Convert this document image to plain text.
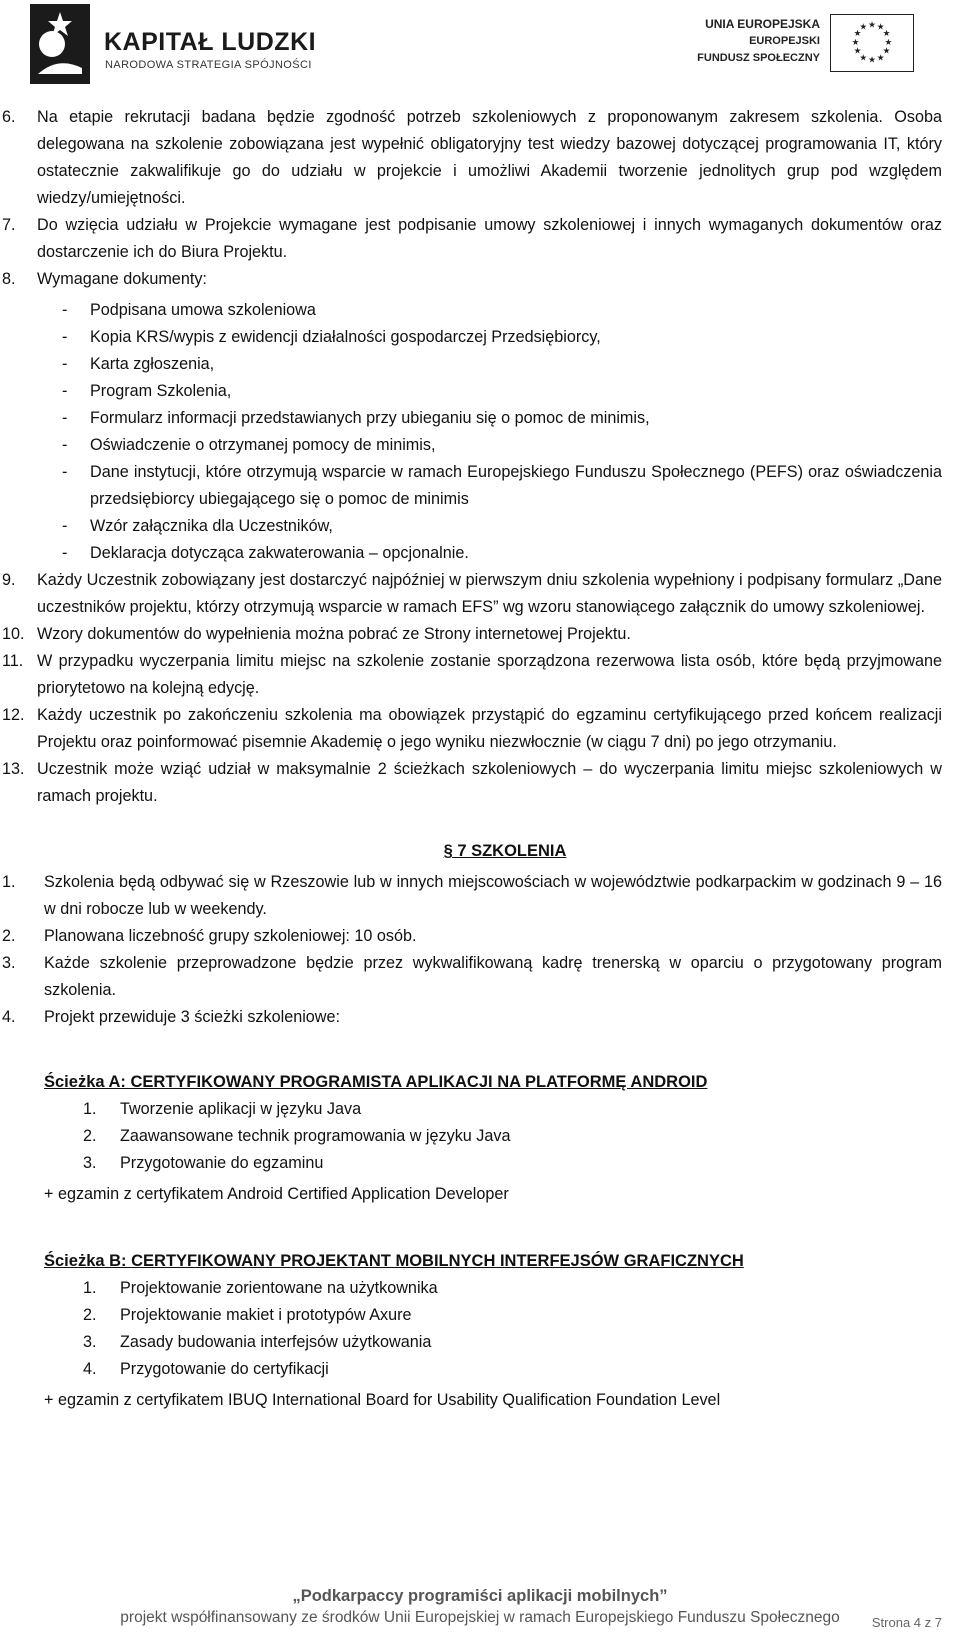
KAPITAŁ LUDZKI
NARODOWA STRATEGIA SPÓJNOŚCI
UNIA EUROPEJSKA
EUROPEJSKI
FUNDUSZ SPOŁECZNY
★ ★
★
★
★
★
★
★
★
★
★
★
6. Na etapie rekrutacji badana będzie zgodność potrzeb szkoleniowych z proponowanym zakresem szkolenia. Osoba delegowana na szkolenie zobowiązana jest wypełnić obligatoryjny test wiedzy bazowej dotyczącej programowania IT, który ostatecznie zakwalifikuje go do udziału w projekcie i umożliwi Akademii tworzenie jednolitych grup pod względem wiedzy/umiejętności.
7. Do wzięcia udziału w Projekcie wymagane jest podpisanie umowy szkoleniowej i innych wymaganych dokumentów oraz dostarczenie ich do Biura Projektu.
8. Wymagane dokumenty:
- Podpisana umowa szkoleniowa
- Kopia KRS/wypis z ewidencji działalności gospodarczej Przedsiębiorcy,
- Karta zgłoszenia,
- Program Szkolenia,
- Formularz informacji przedstawianych przy ubieganiu się o pomoc de minimis,
- Oświadczenie o otrzymanej pomocy de minimis,
- Dane instytucji, które otrzymują wsparcie w ramach Europejskiego Funduszu Społecznego (PEFS) oraz oświadczenia przedsiębiorcy ubiegającego się o pomoc de minimis
- Wzór załącznika dla Uczestników,
- Deklaracja dotycząca zakwaterowania – opcjonalnie.
9. Każdy Uczestnik zobowiązany jest dostarczyć najpóźniej w pierwszym dniu szkolenia wypełniony i podpisany formularz „Dane uczestników projektu, którzy otrzymują wsparcie w ramach EFS” wg wzoru stanowiącego załącznik do umowy szkoleniowej.
10. Wzory dokumentów do wypełnienia można pobrać ze Strony internetowej Projektu.
11. W przypadku wyczerpania limitu miejsc na szkolenie zostanie sporządzona rezerwowa lista osób, które będą przyjmowane priorytetowo na kolejną edycję.
12. Każdy uczestnik po zakończeniu szkolenia ma obowiązek przystąpić do egzaminu certyfikującego przed końcem realizacji Projektu oraz poinformować pisemnie Akademię o jego wyniku niezwłocznie (w ciągu 7 dni) po jego otrzymaniu.
13. Uczestnik może wziąć udział w maksymalnie 2 ścieżkach szkoleniowych – do wyczerpania limitu miejsc szkoleniowych w ramach projektu.
§ 7 SZKOLENIA
1. Szkolenia będą odbywać się w Rzeszowie lub w innych miejscowościach w województwie podkarpackim w godzinach 9 – 16 w dni robocze lub w weekendy.
2. Planowana liczebność grupy szkoleniowej: 10 osób.
3. Każde szkolenie przeprowadzone będzie przez wykwalifikowaną kadrę trenerską w oparciu o przygotowany program szkolenia.
4. Projekt przewiduje 3 ścieżki szkoleniowe:
Ścieżka A: CERTYFIKOWANY PROGRAMISTA APLIKACJI NA PLATFORMĘ ANDROID
1. Tworzenie aplikacji w języku Java
2. Zaawansowane technik programowania w języku Java
3. Przygotowanie do egzaminu
+ egzamin z certyfikatem Android Certified Application Developer
Ścieżka B: CERTYFIKOWANY PROJEKTANT MOBILNYCH INTERFEJSÓW GRAFICZNYCH
1. Projektowanie zorientowane na użytkownika
2. Projektowanie makiet i prototypów Axure
3. Zasady budowania interfejsów użytkowania
4. Przygotowanie do certyfikacji
+ egzamin z certyfikatem IBUQ International Board for Usability Qualification Foundation Level
„Podkarpaccy programiści aplikacji mobilnych”
projekt współfinansowany ze środków Unii Europejskiej w ramach Europejskiego Funduszu Społecznego	Strona 4 z 7
